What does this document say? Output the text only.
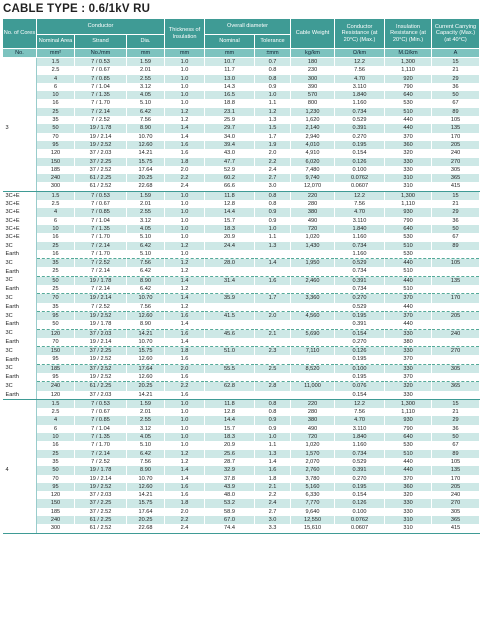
CABLE TYPE : 0.6/1kV RU
No. of Cores	Conductor			Thickness of Insulation	Overall diameter		Cable Weight	Conductor Resistance (at 20°C) (Max.)	Insulation Resistance (at 20°C) (Min.)	Current Carrying Capacity (Max.) (at 40°C)
	Nominal Area	Strand	Dia.		Nominal	Tolerance				
No.	mm²	No./mm	mm	mm	mm	±mm	kg/km	Ω/km	M.Ω/km	A
	1.5	7 / 0.53	1.59	1.0	10.7	0.7	180	12.2	1,300	15
	2.5	7 / 0.67	2.01	1.0	11.7	0.8	230	7.56	1,110	21
	4	7 / 0.85	2.55	1.0	13.0	0.8	300	4.70	920	29
	6	7 / 1.04	3.12	1.0	14.3	0.9	390	3.110	790	36
	10	7 / 1.35	4.05	1.0	16.5	1.0	570	1.840	640	50
	16	7 / 1.70	5.10	1.0	18.8	1.1	800	1.160	530	67
	25	7 / 2.14	6.42	1.2	23.1	1.2	1,230	0.734	510	89
	35	7 / 2.52	7.56	1.2	25.9	1.3	1,620	0.529	440	105
3	50	19 / 1.78	8.90	1.4	29.7	1.5	2,140	0.391	440	135
	70	19 / 2.14	10.70	1.4	34.0	1.7	2,940	0.270	370	170
	95	19 / 2.52	12.60	1.6	39.4	1.9	4,010	0.195	360	205
	120	37 / 2.03	14.21	1.6	43.0	2.0	4,910	0.154	320	240
	150	37 / 2.25	15.75	1.8	47.7	2.2	6,020	0.126	330	270
	185	37 / 2.52	17.64	2.0	52.9	2.4	7,480	0.100	330	305
	240	61 / 2.25	20.25	2.2	60.2	2.7	9,740	0.0762	310	365
	300	61 / 2.52	22.68	2.4	66.6	3.0	12,070	0.0607	310	415
3C+E	1.5	7 / 0.53	1.59	1.0	11.8	0.8	220	12.2	1,300	15
3C+E	2.5	7 / 0.67	2.01	1.0	12.8	0.8	280	7.56	1,110	21
3C+E	4	7 / 0.85	2.55	1.0	14.4	0.9	380	4.70	930	29
3C+E	6	7 / 1.04	3.12	1.0	15.7	0.9	490	3.110	790	36
3C+E	10	7 / 1.35	4.05	1.0	18.3	1.0	720	1.840	640	50
3C+E	16	7 / 1.70	5.10	1.0	20.9	1.1	1,020	1.160	530	67
3C	25	7 / 2.14	6.42	1.2	24.4	1.3	1,430	0.734	510	89
Earth	16	7 / 1.70	5.10	1.0				1.160	530	
3C	35	7 / 2.52	7.56	1.2	28.0	1.4	1,950	0.529	440	105
Earth	25	7 / 2.14	6.42	1.2				0.734	510	
3C	50	19 / 1.78	8.90	1.4	31.4	1.6	2,460	0.391	440	135
Earth	25	7 / 2.14	6.42	1.2				0.734	510	
3C	70	19 / 2.14	10.70	1.4	35.9	1.7	3,360	0.270	370	170
Earth	35	7 / 2.52	7.56	1.2				0.529	440	
3C	95	19 / 2.52	12.60	1.6	41.5	2.0	4,560	0.195	370	205
Earth	50	19 / 1.78	8.90	1.4				0.391	440	
3C	120	37 / 2.03	14.21	1.6	45.6	2.1	5,690	0.154	330	240
Earth	70	19 / 2.14	10.70	1.4				0.270	380	
3C	150	37 / 2.25	15.75	1.8	51.0	2.3	7,110	0.126	330	270
Earth	95	19 / 2.52	12.60	1.6				0.195	370	
3C	185	37 / 2.52	17.64	2.0	55.5	2.5	8,520	0.100	330	305
Earth	95	19 / 2.52	12.60	1.6				0.195	370	
3C	240	61 / 2.25	20.25	2.2	62.8	2.8	11,000	0.076	320	365
Earth	120	37 / 2.03	14.21	1.6				0.154	330	
	1.5	7 / 0.53	1.59	1.0	11.8	0.8	220	12.2	1,300	15
	2.5	7 / 0.67	2.01	1.0	12.8	0.8	280	7.56	1,110	21
	4	7 / 0.85	2.55	1.0	14.4	0.9	380	4.70	930	29
	6	7 / 1.04	3.12	1.0	15.7	0.9	490	3.110	790	36
	10	7 / 1.35	4.05	1.0	18.3	1.0	720	1.840	640	50
	16	7 / 1.70	5.10	1.0	20.9	1.1	1,020	1.160	530	67
	25	7 / 2.14	6.42	1.2	25.6	1.3	1,570	0.734	510	89
	35	7 / 2.52	7.56	1.2	28.7	1.4	2,070	0.529	440	105
4	50	19 / 1.78	8.90	1.4	32.9	1.6	2,760	0.391	440	135
	70	19 / 2.14	10.70	1.4	37.8	1.8	3,780	0.270	370	170
	95	19 / 2.52	12.60	1.6	43.9	2.1	5,160	0.195	360	205
	120	37 / 2.03	14.21	1.6	48.0	2.2	6,330	0.154	320	240
	150	37 / 2.25	15.75	1.8	53.2	2.4	7,770	0.126	330	270
	185	37 / 2.52	17.64	2.0	58.9	2.7	9,640	0.100	330	305
	240	61 / 2.25	20.25	2.2	67.0	3.0	12,550	0.0762	310	365
	300	61 / 2.52	22.68	2.4	74.4	3.3	15,610	0.0607	310	415
